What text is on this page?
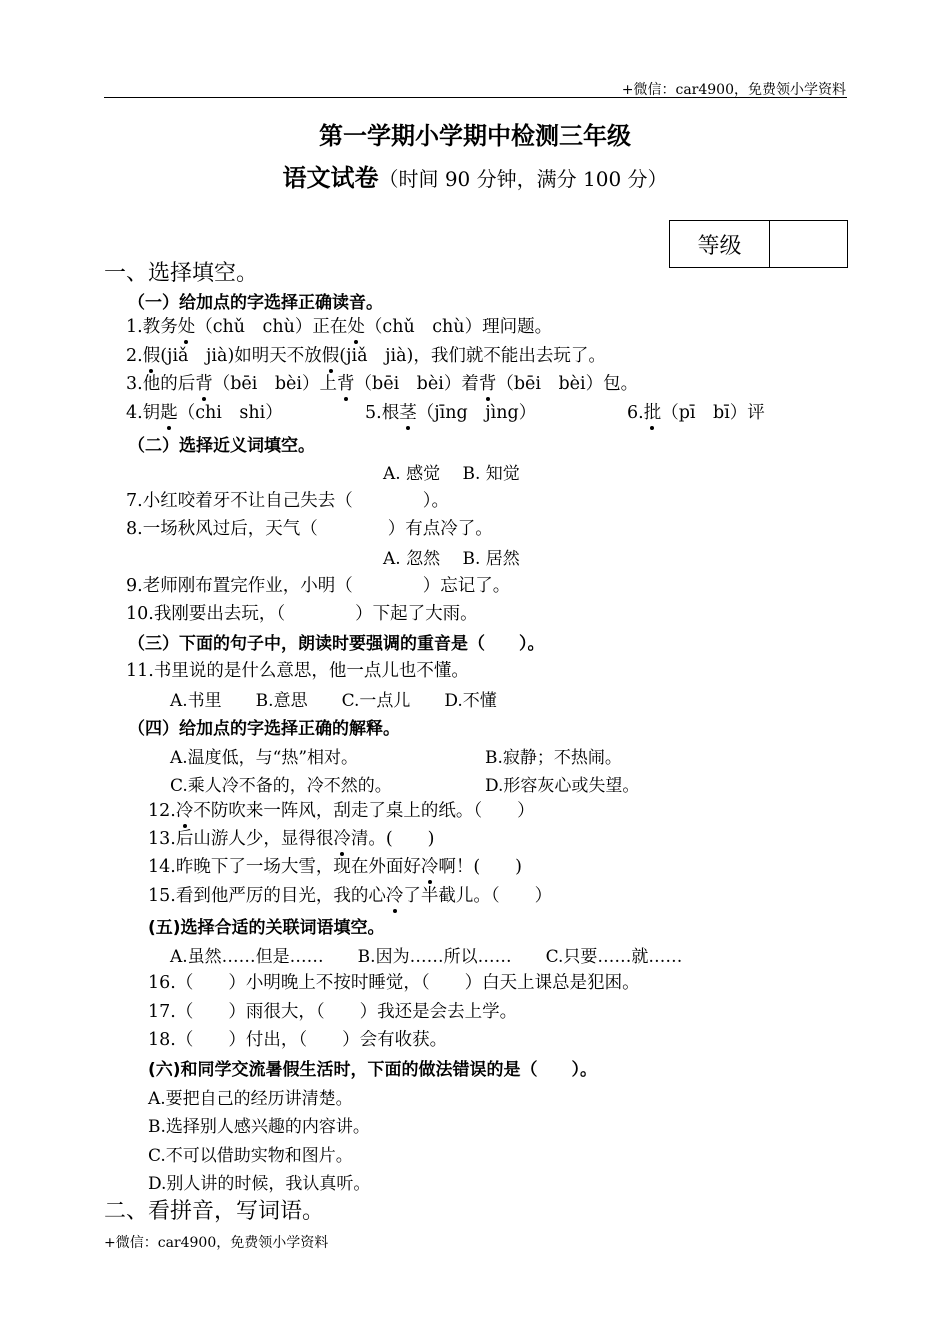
+微信：car4900，免费领小学资料
第一学期小学期中检测三年级
语文试卷（时间 90 分钟，满分 100 分）
等级
一、选择填空。
（一）给加点的字选择正确读音。
1.教务处（chǔ　chù）正在处（chǔ　chù）理问题。
2.假(jiǎ　jià)如明天不放假(jiǎ　jià)，我们就不能出去玩了。
3.他的后背（bēi　bèi）上背（bēi　bèi）着背（bēi　bèi）包。
4.钥匙（chi　shi）	5.根茎（jīng　jìng）	6.批（pī　bī）评
（二）选择近义词填空。
A. 感觉　 B. 知觉
7.小红咬着牙不让自己失去（　　　　）。
8.一场秋风过后，天气（　　　　）有点冷了。
A. 忽然　 B. 居然
9.老师刚布置完作业，小明（　　　　）忘记了。
10.我刚要出去玩，（　　　　）下起了大雨。
（三）下面的句子中，朗读时要强调的重音是（　　）。
11.书里说的是什么意思，他一点儿也不懂。
A.书里　　B.意思　　C.一点儿　　D.不懂
（四）给加点的字选择正确的解释。
A.温度低，与“热”相对。	B.寂静；不热闹。
C.乘人冷不备的，冷不然的。	D.形容灰心或失望。
12.冷不防吹来一阵风，刮走了桌上的纸。（　　）
13.后山游人少，显得很冷清。(　　)
14.昨晚下了一场大雪，现在外面好冷啊！(　　)
15.看到他严厉的目光，我的心冷了半截儿。（　　）
(五)选择合适的关联词语填空。
A.虽然……但是……　　B.因为……所以……　　C.只要……就……
16.（　　）小明晚上不按时睡觉，（　　）白天上课总是犯困。
17.（　　）雨很大，（　　）我还是会去上学。
18.（　　）付出，（　　）会有收获。
(六)和同学交流暑假生活时，下面的做法错误的是（　　）。
A.要把自己的经历讲清楚。
B.选择别人感兴趣的内容讲。
C.不可以借助实物和图片。
D.别人讲的时候，我认真听。
二、看拼音，写词语。
+微信：car4900，免费领小学资料
